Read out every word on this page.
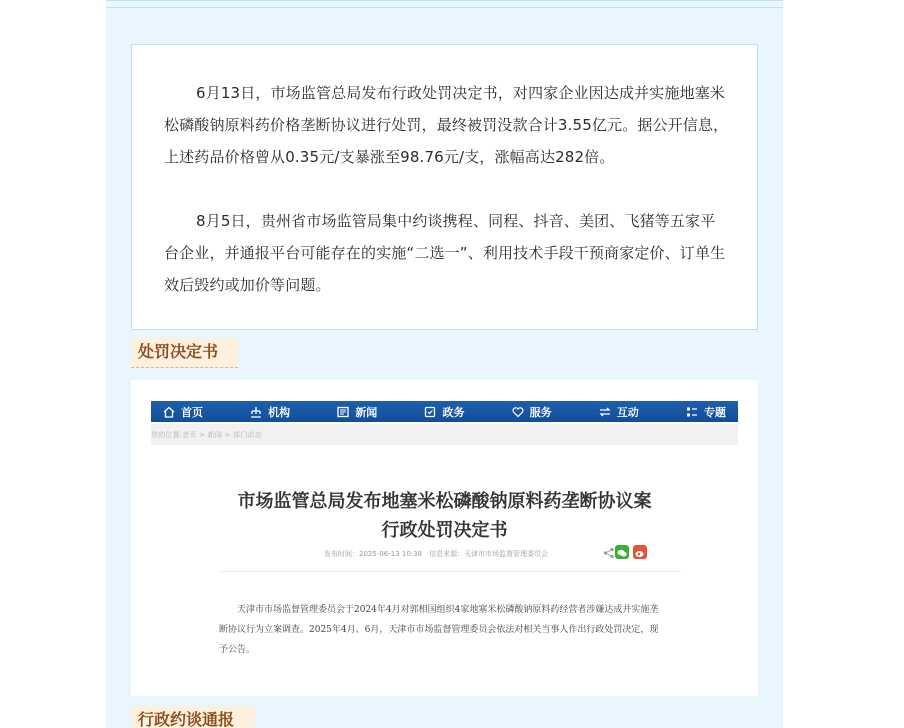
6月13日，市场监管总局发布行政处罚决定书，对四家企业因达成并实施地塞米松磷酸钠原料药价格垄断协议进行处罚，最终被罚没款合计3.55亿元。据公开信息，上述药品价格曾从0.35元/支暴涨至98.76元/支，涨幅高达282倍。

8月5日，贵州省市场监管局集中约谈携程、同程、抖音、美团、飞猪等五家平台企业，并通报平台可能存在的实施“二选一”、利用技术手段干预商家定价、订单生效后毁约或加价等问题。

处罚决定书
首页	机构	新闻	政务	服务	互动	专题
您的位置:首页 > 新闻 > 部门动态
市场监管总局发布地塞米松磷酸钠原料药垄断协议案
行政处罚决定书
发布时间：2025-06-13 10:38　信息来源：天津市市场监督管理委员会

天津市市场监督管理委员会于2024年4月对郭相国组织4家地塞米松磷酸钠原料药经营者涉嫌达成并实施垄断协议行为立案调查。2025年4月、6月，天津市市场监督管理委员会依法对相关当事人作出行政处罚决定，现予公告。

行政约谈通报
